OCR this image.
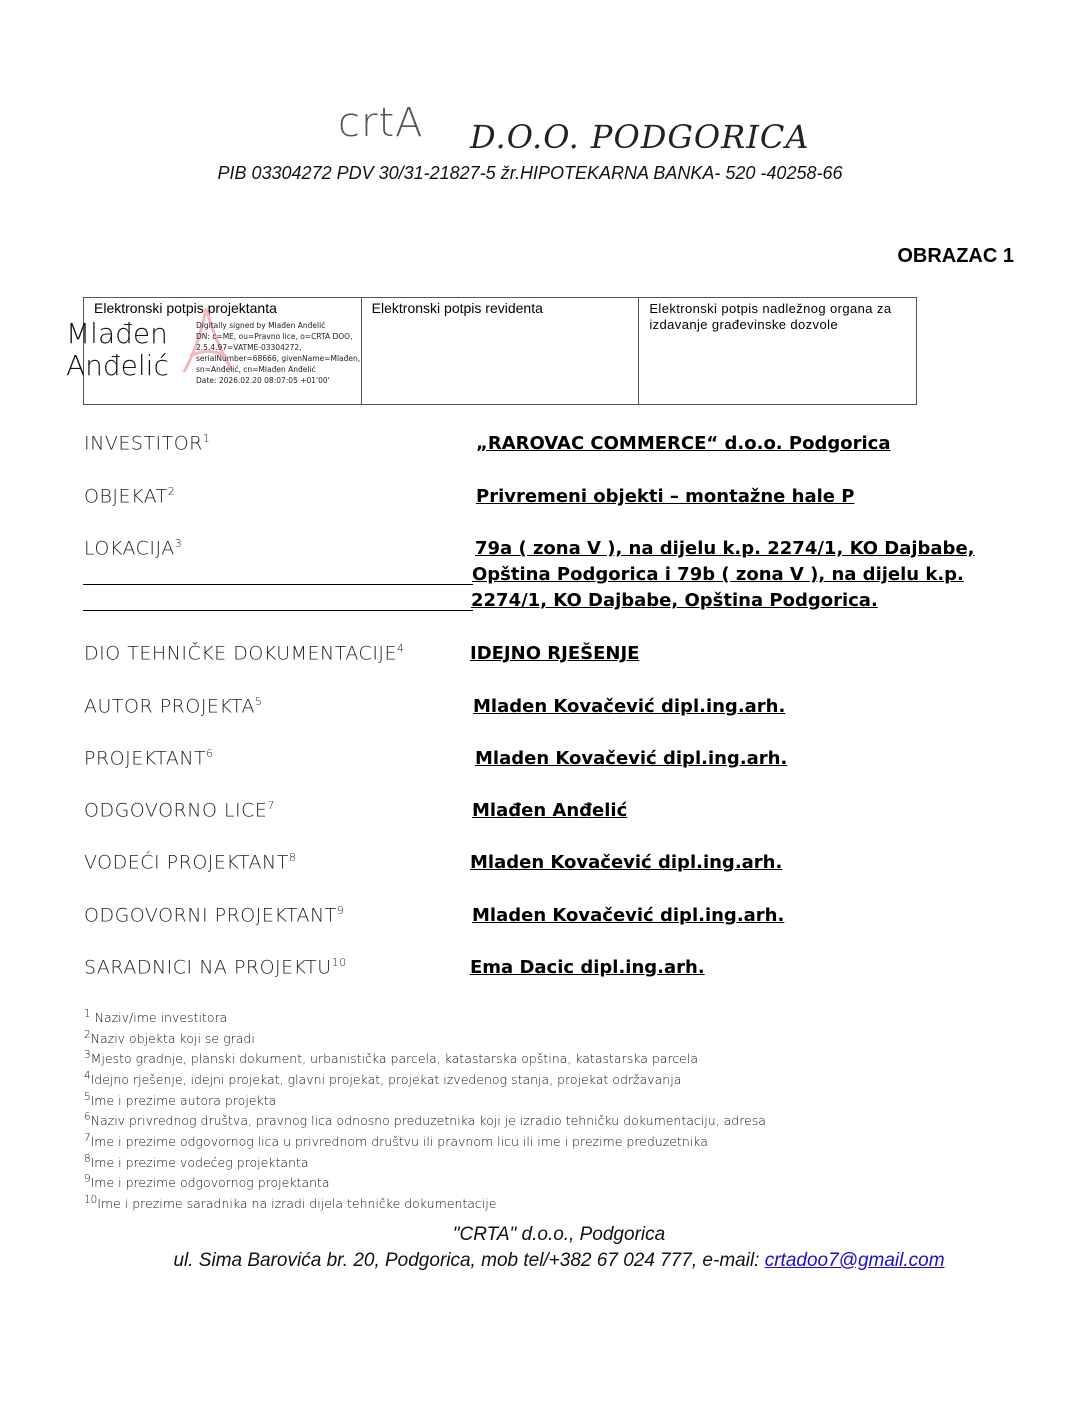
crtA D.O.O. PODGORICA
PIB 03304272 PDV 30/31-21827-5 žr.HIPOTEKARNA BANKA- 520 -40258-66
OBRAZAC 1
Elektronski potpis projektanta	Elektronski potpis revidenta	Elektronski potpis nadležnog organa za izdavanje građevinske dozvole
Mlađen
Anđelić
Digitally signed by Mlađen Anđelić
DN: c=ME, ou=Pravno lice, o=CRTA DOO,
2.5.4.97=VATME-03304272,
serialNumber=68666, givenName=Mlađen,
sn=Anđelić, cn=Mlađen Anđelić
Date: 2026.02.20 08:07:05 +01'00'
INVESTITOR$^1$	„RAROVAC COMMERCE“ d.o.o. Podgorica
OBJEKAT$^2$	Privremeni objekti – montažne hale P
LOKACIJA$^3$	79a ( zona V ), na dijelu k.p. 2274/1, KO Dajbabe,
Opština Podgorica i 79b ( zona V ), na dijelu k.p.
2274/1, KO Dajbabe, Opština Podgorica.
DIO TEHNIČKE DOKUMENTACIJE$^4$	IDEJNO RJEŠENJE
AUTOR PROJEKTA$^5$	Mladen Kovačević dipl.ing.arh.
PROJEKTANT$^6$	Mladen Kovačević dipl.ing.arh.
ODGOVORNO LICE$^7$	Mlađen Anđelić
VODEĆI PROJEKTANT$^8$	Mladen Kovačević dipl.ing.arh.
ODGOVORNI PROJEKTANT$^9$	Mladen Kovačević dipl.ing.arh.
SARADNICI NA PROJEKTU$^{10}$	Ema Dacic dipl.ing.arh.
$^1$ Naziv/ime investitora
$^2$Naziv objekta koji se gradi
$^3$Mjesto gradnje, planski dokument, urbanistička parcela, katastarska opština, katastarska parcela
$^4$Idejno rješenje, idejni projekat, glavni projekat, projekat izvedenog stanja, projekat održavanja
$^5$Ime i prezime autora projekta
$^6$Naziv privrednog društva, pravnog lica odnosno preduzetnika koji je izradio tehničku dokumentaciju, adresa
$^7$Ime i prezime odgovornog lica u privrednom društvu ili pravnom licu ili ime i prezime preduzetnika
$^8$Ime i prezime vodećeg projektanta
$^9$Ime i prezime odgovornog projektanta
$^{10}$Ime i prezime saradnika na izradi dijela tehničke dokumentacije
"CRTA" d.o.o., Podgorica
ul. Sima Barovića br. 20, Podgorica, mob tel/+382 67 024 777, e-mail: crtadoo7@gmail.com
